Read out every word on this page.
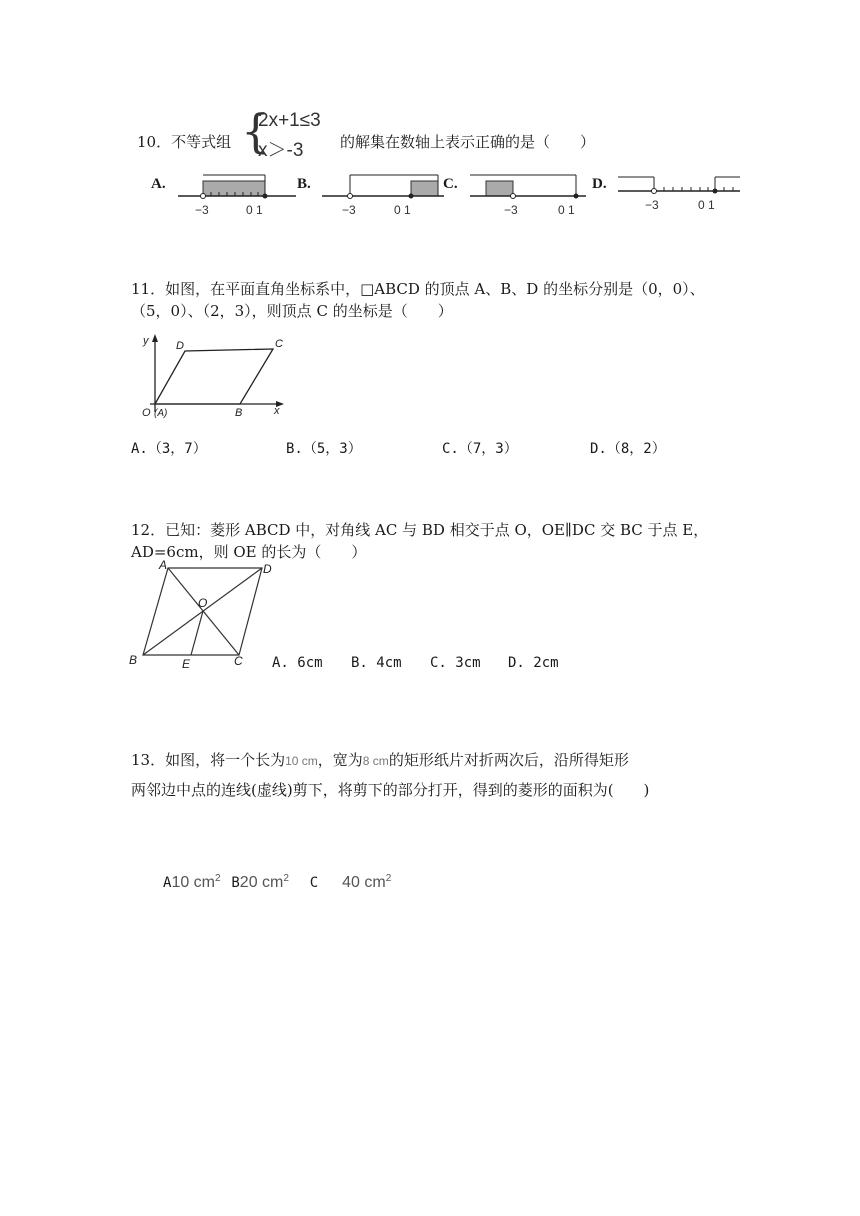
10．不等式组 {
2x+1≤3
x＞-3 的解集在数轴上表示正确的是（　　）
A.	B.	C.	D.
−3	0 1	−3	0 1	−3	0 1	−3	0 1
11．如图，在平面直角坐标系中，□ABCD 的顶点 A、B、D 的坐标分别是（0，0）、
（5，0）、（2，3），则顶点 C 的坐标是（　　）
y
x
D	C
O (A)	B
A.（3，7）	B.（5，3）	C.（7，3）	D.（8，2）
12．已知：菱形 ABCD 中，对角线 AC 与 BD 相交于点 O，OE∥DC 交 BC 于点 E，
AD=6cm，则 OE 的长为（　　）
A	D
O
B	E	C A. 6cm B. 4cm C. 3cm D. 2cm
13．如图，将一个长为10 cm，宽为8 cm的矩形纸片对折两次后，沿所得矩形
两邻边中点的连线(虚线)剪下，将剪下的部分打开，得到的菱形的面积为(　　)
A10 $cm^2$ B20 $cm^2$ C 40 $cm^2$
